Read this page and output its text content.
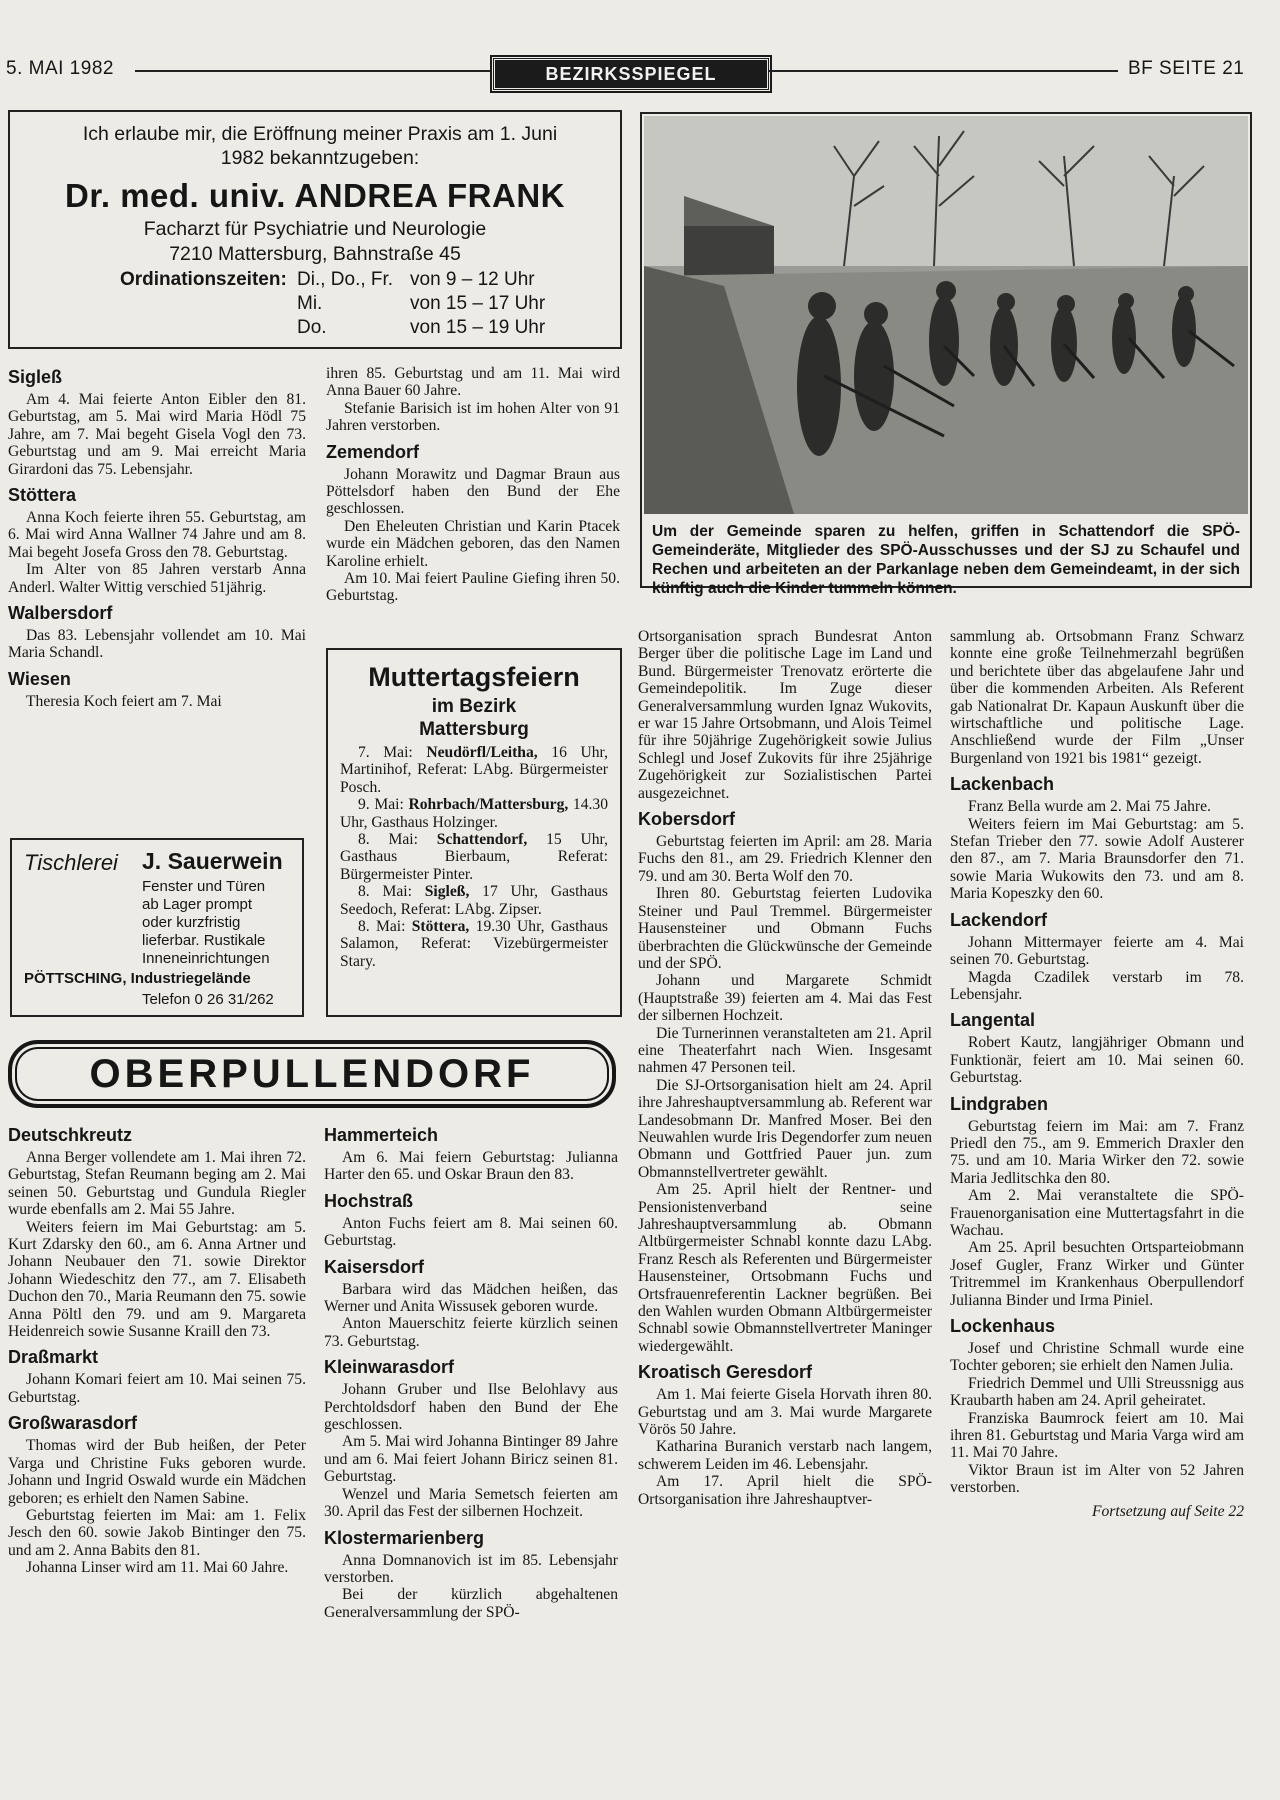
5. MAI 1982	BEZIRKSSPIEGEL	BF SEITE 21
Ich erlaube mir, die Eröffnung meiner Praxis am 1. Juni 1982 bekanntzugeben:
Dr. med. univ. ANDREA FRANK
Facharzt für Psychiatrie und Neurologie
7210 Mattersburg, Bahnstraße 45
Ordinationszeiten: Di., Do., Fr. von 9 – 12 Uhr
Mi.	von 15 – 17 Uhr
Do.	von 15 – 19 Uhr
Um der Gemeinde sparen zu helfen, griffen in Schattendorf die SPÖ-Gemeinderäte, Mitglieder des SPÖ-Ausschusses und der SJ zu Schaufel und Rechen und arbeiteten an der Parkanlage neben dem Gemeindeamt, in der sich künftig auch die Kinder tummeln können.
Sigleß

Am 4. Mai feierte Anton Eibler den 81. Geburtstag, am 5. Mai wird Maria Hödl 75 Jahre, am 7. Mai begeht Gisela Vogl den 73. Geburtstag und am 9. Mai erreicht Maria Girardoni das 75. Lebensjahr.

Stöttera

Anna Koch feierte ihren 55. Geburtstag, am 6. Mai wird Anna Wallner 74 Jahre und am 8. Mai begeht Josefa Gross den 78. Geburtstag.

Im Alter von 85 Jahren verstarb Anna Anderl. Walter Wittig verschied 51jährig.

Walbersdorf

Das 83. Lebensjahr vollendet am 10. Mai Maria Schandl.

Wiesen

Theresia Koch feiert am 7. Mai

Tischlerei J. Sauerwein
Fenster und Türen
ab Lager prompt
oder kurzfristig
lieferbar. Rustikale
Inneneinrichtungen
PÖTTSCHING, Industriegelände
Telefon 0 26 31/262

ihren 85. Geburtstag und am 11. Mai wird Anna Bauer 60 Jahre.

Stefanie Barisich ist im hohen Alter von 91 Jahren verstorben.

Zemendorf

Johann Morawitz und Dagmar Braun aus Pöttelsdorf haben den Bund der Ehe geschlossen.

Den Eheleuten Christian und Karin Ptacek wurde ein Mädchen geboren, das den Namen Karoline erhielt.

Am 10. Mai feiert Pauline Giefing ihren 50. Geburtstag.

Muttertagsfeiern
im Bezirk
Mattersburg

7. Mai: Neudörfl/Leitha, 16 Uhr, Martinihof, Referat: LAbg. Bürgermeister Posch.

9. Mai: Rohrbach/Mattersburg, 14.30 Uhr, Gasthaus Holzinger.

8. Mai: Schattendorf, 15 Uhr, Gasthaus Bierbaum, Referat: Bürgermeister Pinter.

8. Mai: Sigleß, 17 Uhr, Gasthaus Seedoch, Referat: LAbg. Zipser.

8. Mai: Stöttera, 19.30 Uhr, Gasthaus Salamon, Referat: Vizebürgermeister Stary.

OBERPULLENDORF
Deutschkreutz

Anna Berger vollendete am 1. Mai ihren 72. Geburtstag, Stefan Reumann beging am 2. Mai seinen 50. Geburtstag und Gundula Riegler wurde ebenfalls am 2. Mai 55 Jahre.

Weiters feiern im Mai Geburtstag: am 5. Kurt Zdarsky den 60., am 6. Anna Artner und Johann Neubauer den 71. sowie Direktor Johann Wiedeschitz den 77., am 7. Elisabeth Duchon den 70., Maria Reumann den 75. sowie Anna Pöltl den 79. und am 9. Margareta Heidenreich sowie Susanne Kraill den 73.

Draßmarkt

Johann Komari feiert am 10. Mai seinen 75. Geburtstag.

Großwarasdorf

Thomas wird der Bub heißen, der Peter Varga und Christine Fuks geboren wurde. Johann und Ingrid Oswald wurde ein Mädchen geboren; es erhielt den Namen Sabine.

Geburtstag feierten im Mai: am 1. Felix Jesch den 60. sowie Jakob Bintinger den 75. und am 2. Anna Babits den 81.

Johanna Linser wird am 11. Mai 60 Jahre.

Hammerteich

Am 6. Mai feiern Geburtstag: Julianna Harter den 65. und Oskar Braun den 83.

Hochstraß

Anton Fuchs feiert am 8. Mai seinen 60. Geburtstag.

Kaisersdorf

Barbara wird das Mädchen heißen, das Werner und Anita Wissusek geboren wurde.

Anton Mauerschitz feierte kürzlich seinen 73. Geburtstag.

Kleinwarasdorf

Johann Gruber und Ilse Belohlavy aus Perchtoldsdorf haben den Bund der Ehe geschlossen.

Am 5. Mai wird Johanna Bintinger 89 Jahre und am 6. Mai feiert Johann Biricz seinen 81. Geburtstag.

Wenzel und Maria Semetsch feierten am 30. April das Fest der silbernen Hochzeit.

Klostermarienberg

Anna Domnanovich ist im 85. Lebensjahr verstorben.

Bei der kürzlich abgehaltenen Generalversammlung der SPÖ-

Ortsorganisation sprach Bundesrat Anton Berger über die politische Lage im Land und Bund. Bürgermeister Trenovatz erörterte die Gemeindepolitik. Im Zuge dieser Generalversammlung wurden Ignaz Wukovits, er war 15 Jahre Ortsobmann, und Alois Teimel für ihre 50jährige Zugehörigkeit sowie Julius Schlegl und Josef Zukovits für ihre 25jährige Zugehörigkeit zur Sozialistischen Partei ausgezeichnet.

Kobersdorf

Geburtstag feierten im April: am 28. Maria Fuchs den 81., am 29. Friedrich Klenner den 79. und am 30. Berta Wolf den 70.

Ihren 80. Geburtstag feierten Ludovika Steiner und Paul Tremmel. Bürgermeister Hausensteiner und Obmann Fuchs überbrachten die Glückwünsche der Gemeinde und der SPÖ.

Johann und Margarete Schmidt (Hauptstraße 39) feierten am 4. Mai das Fest der silbernen Hochzeit.

Die Turnerinnen veranstalteten am 21. April eine Theaterfahrt nach Wien. Insgesamt nahmen 47 Personen teil.

Die SJ-Ortsorganisation hielt am 24. April ihre Jahreshauptversammlung ab. Referent war Landesobmann Dr. Manfred Moser. Bei den Neuwahlen wurde Iris Degendorfer zum neuen Obmann und Gottfried Pauer jun. zum Obmannstellvertreter gewählt.

Am 25. April hielt der Rentner- und Pensionistenverband seine Jahreshauptversammlung ab. Obmann Altbürgermeister Schnabl konnte dazu LAbg. Franz Resch als Referenten und Bürgermeister Hausensteiner, Ortsobmann Fuchs und Ortsfrauenreferentin Lackner begrüßen. Bei den Wahlen wurden Obmann Altbürgermeister Schnabl sowie Obmannstellvertreter Maninger wiedergewählt.

Kroatisch Geresdorf

Am 1. Mai feierte Gisela Horvath ihren 80. Geburtstag und am 3. Mai wurde Margarete Vörös 50 Jahre.

Katharina Buranich verstarb nach langem, schwerem Leiden im 46. Lebensjahr.

Am 17. April hielt die SPÖ-Ortsorganisation ihre Jahreshauptver-

sammlung ab. Ortsobmann Franz Schwarz konnte eine große Teilnehmerzahl begrüßen und berichtete über das abgelaufene Jahr und über die kommenden Arbeiten. Als Referent gab Nationalrat Dr. Kapaun Auskunft über die wirtschaftliche und politische Lage. Anschließend wurde der Film „Unser Burgenland von 1921 bis 1981“ gezeigt.

Lackenbach

Franz Bella wurde am 2. Mai 75 Jahre.

Weiters feiern im Mai Geburtstag: am 5. Stefan Trieber den 77. sowie Adolf Austerer den 87., am 7. Maria Braunsdorfer den 71. sowie Maria Wukowits den 73. und am 8. Maria Kopeszky den 60.

Lackendorf

Johann Mittermayer feierte am 4. Mai seinen 70. Geburtstag.

Magda Czadilek verstarb im 78. Lebensjahr.

Langental

Robert Kautz, langjähriger Obmann und Funktionär, feiert am 10. Mai seinen 60. Geburtstag.

Lindgraben

Geburtstag feiern im Mai: am 7. Franz Priedl den 75., am 9. Emmerich Draxler den 75. und am 10. Maria Wirker den 72. sowie Maria Jedlitschka den 80.

Am 2. Mai veranstaltete die SPÖ-Frauenorganisation eine Muttertagsfahrt in die Wachau.

Am 25. April besuchten Ortsparteiobmann Josef Gugler, Franz Wirker und Günter Tritremmel im Krankenhaus Oberpullendorf Julianna Binder und Irma Piniel.

Lockenhaus

Josef und Christine Schmall wurde eine Tochter geboren; sie erhielt den Namen Julia.

Friedrich Demmel und Ulli Streussnigg aus Kraubarth haben am 24. April geheiratet.

Franziska Baumrock feiert am 10. Mai ihren 81. Geburtstag und Maria Varga wird am 11. Mai 70 Jahre.

Viktor Braun ist im Alter von 52 Jahren verstorben.

Fortsetzung auf Seite 22
